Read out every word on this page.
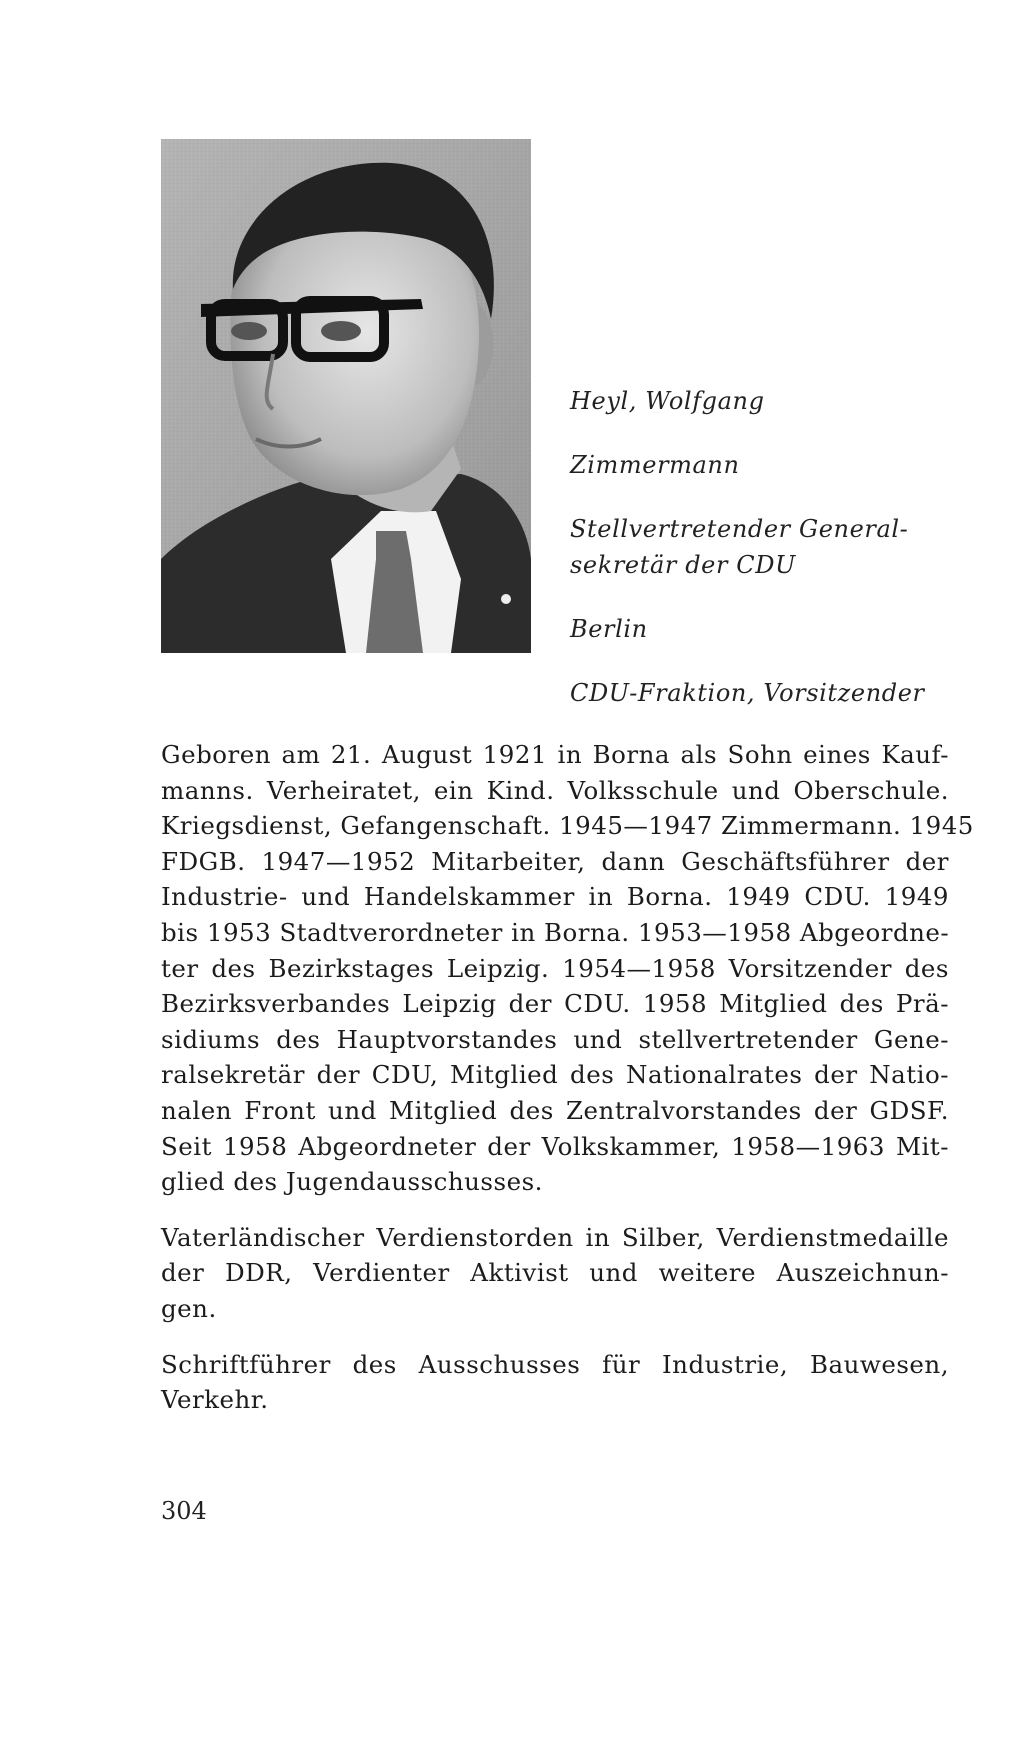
Heyl, Wolfgang
Zimmermann
Stellvertretender General-
sekretär der CDU
Berlin
CDU-Fraktion, Vorsitzender

Geboren am 21. August 1921 in Borna als Sohn eines Kauf-
manns. Verheiratet, ein Kind. Volksschule und Oberschule.
Kriegsdienst, Gefangenschaft. 1945—1947 Zimmermann. 1945
FDGB. 1947—1952 Mitarbeiter, dann Geschäftsführer der
Industrie- und Handelskammer in Borna. 1949 CDU. 1949
bis 1953 Stadtverordneter in Borna. 1953—1958 Abgeordne-
ter des Bezirkstages Leipzig. 1954—1958 Vorsitzender des
Bezirksverbandes Leipzig der CDU. 1958 Mitglied des Prä-
sidiums des Hauptvorstandes und stellvertretender Gene-
ralsekretär der CDU, Mitglied des Nationalrates der Natio-
nalen Front und Mitglied des Zentralvorstandes der GDSF.
Seit 1958 Abgeordneter der Volkskammer, 1958—1963 Mit-
glied des Jugendausschusses.

Vaterländischer Verdienstorden in Silber, Verdienstmedaille
der DDR, Verdienter Aktivist und weitere Auszeichnun-
gen.

Schriftführer des Ausschusses für Industrie, Bauwesen,
Verkehr.

304
